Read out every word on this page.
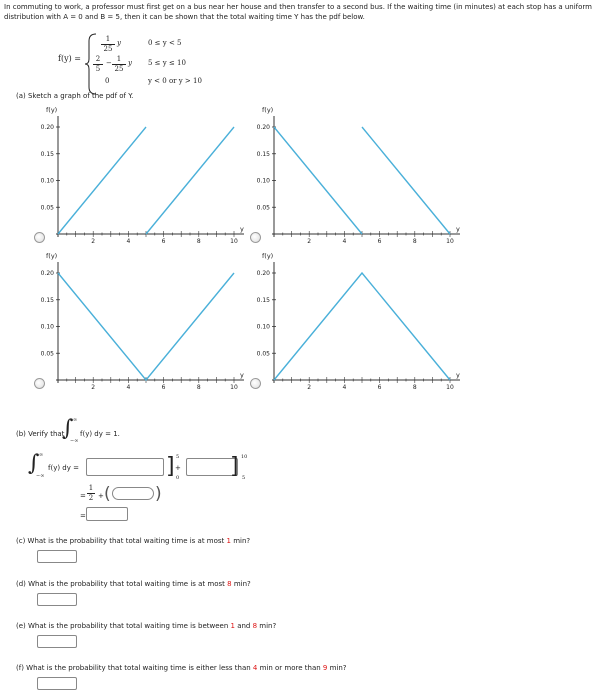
In commuting to work, a professor must first get on a bus near her house and then transfer to a second bus. If the waiting time (in minutes) at each stop has a uniform distribution with A = 0 and B = 5, then it can be shown that the total waiting time Y has the pdf below.
f(y) =
1
25
y	0 ≤ y < 5
2
5
− 1
25
y 5 ≤ y ≤ 10
0	y < 0 or y > 10
(a) Sketch a graph of the pdf of Y.
f(y)
y
0.20
0.15
0.10
0.05
2	4	6	8	10
f(y)
y
0.20
0.15
0.10
0.05
2	4	6	8	10
f(y)
y
0.20
0.15
0.10
0.05
2	4	6	8	10
f(y)
y
0.20
0.15
0.10
0.05
2	4	6	8	10
(b) Verify that
∫ ∞
−∞
f(y) dy = 1.
∫ ∞
−∞
f(y) dy =	] 5
0
+ ] 10
5
=
1
2 + (	)
=
(c) What is the probability that total waiting time is at most 1 min?
(d) What is the probability that total waiting time is at most 8 min?
(e) What is the probability that total waiting time is between 1 and 8 min?
(f) What is the probability that total waiting time is either less than 4 min or more than 9 min?
